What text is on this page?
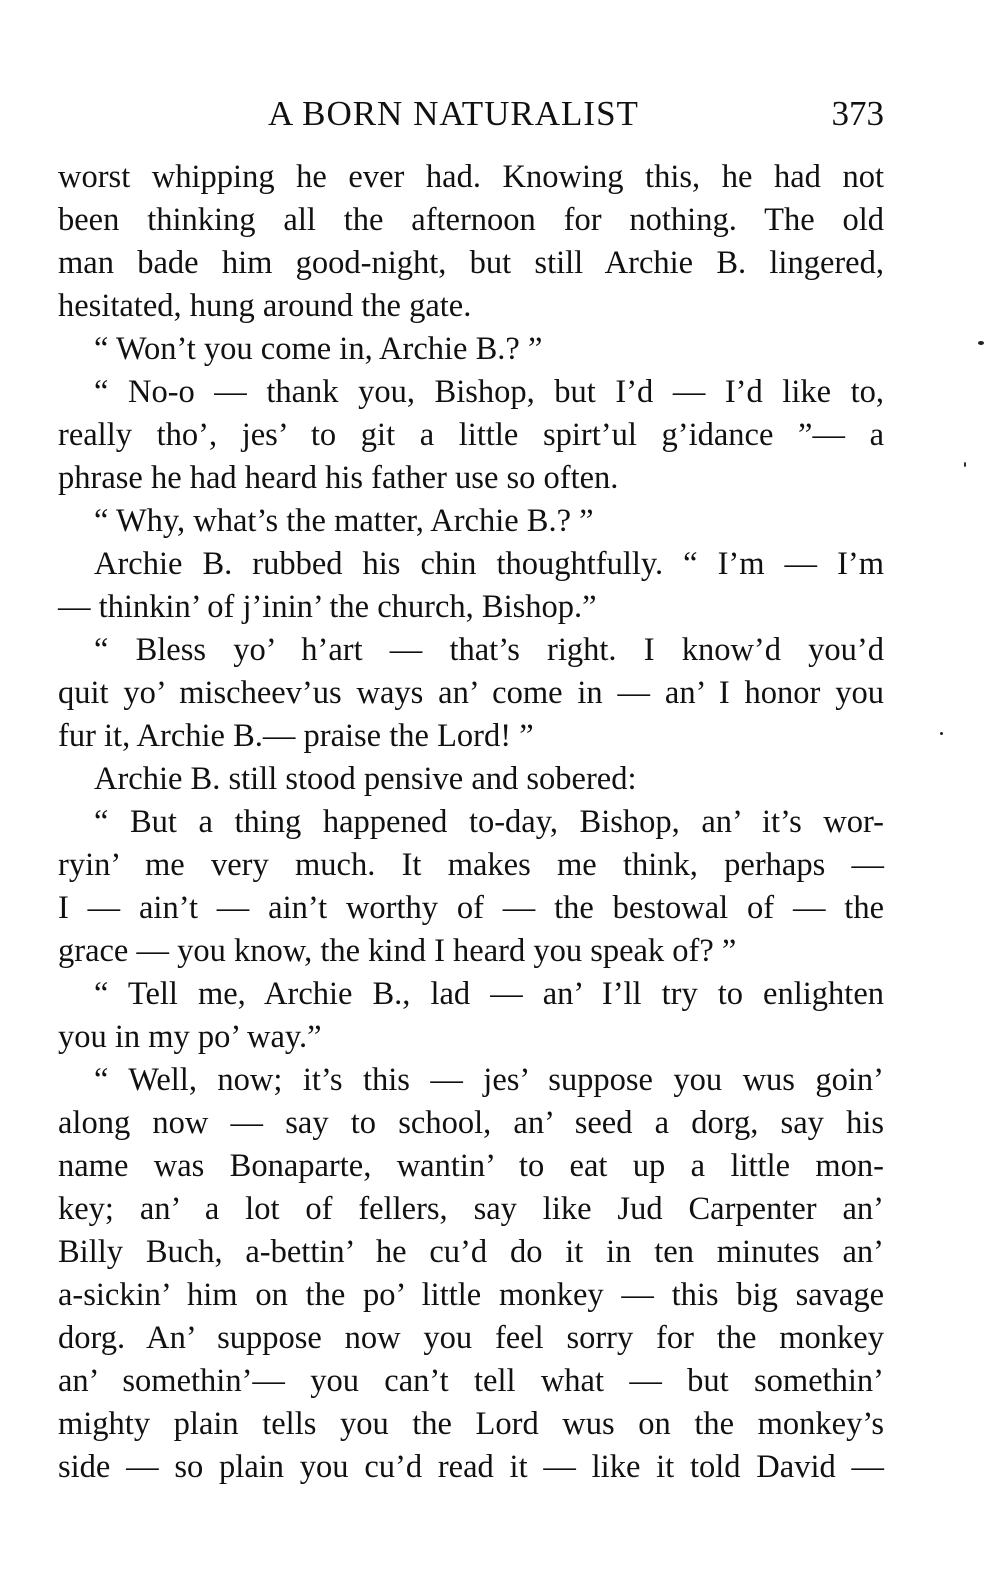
A BORN NATURALIST	373
worst whipping he ever had. Knowing this, he had not
been thinking all the afternoon for nothing. The old
man bade him good-night, but still Archie B. lingered,
hesitated, hung around the gate.
“ Won’t you come in, Archie B.? ”
“ No-o — thank you, Bishop, but I’d — I’d like to,
really tho’, jes’ to git a little spirt’ul g’idance ”— a
phrase he had heard his father use so often.
“ Why, what’s the matter, Archie B.? ”
Archie B. rubbed his chin thoughtfully. “ I’m — I’m
— thinkin’ of j’inin’ the church, Bishop.”
“ Bless yo’ h’art — that’s right. I know’d you’d
quit yo’ mischeev’us ways an’ come in — an’ I honor you
fur it, Archie B.— praise the Lord! ”
Archie B. still stood pensive and sobered:
“ But a thing happened to-day, Bishop, an’ it’s wor-
ryin’ me very much. It makes me think, perhaps —
I — ain’t — ain’t worthy of — the bestowal of — the
grace — you know, the kind I heard you speak of? ”
“ Tell me, Archie B., lad — an’ I’ll try to enlighten
you in my po’ way.”
“ Well, now; it’s this — jes’ suppose you wus goin’
along now — say to school, an’ seed a dorg, say his
name was Bonaparte, wantin’ to eat up a little mon-
key; an’ a lot of fellers, say like Jud Carpenter an’
Billy Buch, a-bettin’ he cu’d do it in ten minutes an’
a-sickin’ him on the po’ little monkey — this big savage
dorg. An’ suppose now you feel sorry for the monkey
an’ somethin’— you can’t tell what — but somethin’
mighty plain tells you the Lord wus on the monkey’s
side — so plain you cu’d read it — like it told David —
